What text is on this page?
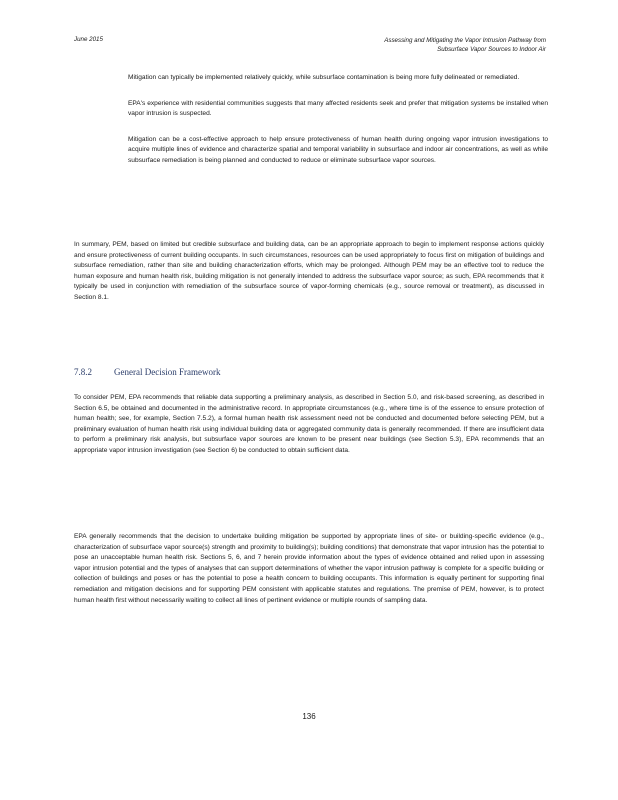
June 2015	Assessing and Mitigating the Vapor Intrusion Pathway from
Subsurface Vapor Sources to Indoor Air
Mitigation can typically be implemented relatively quickly, while subsurface contamination is being more fully delineated or remediated.
EPA's experience with residential communities suggests that many affected residents seek and prefer that mitigation systems be installed when vapor intrusion is suspected.
Mitigation can be a cost-effective approach to help ensure protectiveness of human health during ongoing vapor intrusion investigations to acquire multiple lines of evidence and characterize spatial and temporal variability in subsurface and indoor air concentrations, as well as while subsurface remediation is being planned and conducted to reduce or eliminate subsurface vapor sources.
In summary, PEM, based on limited but credible subsurface and building data, can be an appropriate approach to begin to implement response actions quickly and ensure protectiveness of current building occupants. In such circumstances, resources can be used appropriately to focus first on mitigation of buildings and subsurface remediation, rather than site and building characterization efforts, which may be prolonged. Although PEM may be an effective tool to reduce the human exposure and human health risk, building mitigation is not generally intended to address the subsurface vapor source; as such, EPA recommends that it typically be used in conjunction with remediation of the subsurface source of vapor-forming chemicals (e.g., source removal or treatment), as discussed in Section 8.1.
7.8.2 General Decision Framework
To consider PEM, EPA recommends that reliable data supporting a preliminary analysis, as described in Section 5.0, and risk-based screening, as described in Section 6.5, be obtained and documented in the administrative record. In appropriate circumstances (e.g., where time is of the essence to ensure protection of human health; see, for example, Section 7.5.2), a formal human health risk assessment need not be conducted and documented before selecting PEM, but a preliminary evaluation of human health risk using individual building data or aggregated community data is generally recommended. If there are insufficient data to perform a preliminary risk analysis, but subsurface vapor sources are known to be present near buildings (see Section 5.3), EPA recommends that an appropriate vapor intrusion investigation (see Section 6) be conducted to obtain sufficient data.
EPA generally recommends that the decision to undertake building mitigation be supported by appropriate lines of site- or building-specific evidence (e.g., characterization of subsurface vapor source(s) strength and proximity to building(s); building conditions) that demonstrate that vapor intrusion has the potential to pose an unacceptable human health risk. Sections 5, 6, and 7 herein provide information about the types of evidence obtained and relied upon in assessing vapor intrusion potential and the types of analyses that can support determinations of whether the vapor intrusion pathway is complete for a specific building or collection of buildings and poses or has the potential to pose a health concern to building occupants. This information is equally pertinent for supporting final remediation and mitigation decisions and for supporting PEM consistent with applicable statutes and regulations. The premise of PEM, however, is to protect human health first without necessarily waiting to collect all lines of pertinent evidence or multiple rounds of sampling data.
136
